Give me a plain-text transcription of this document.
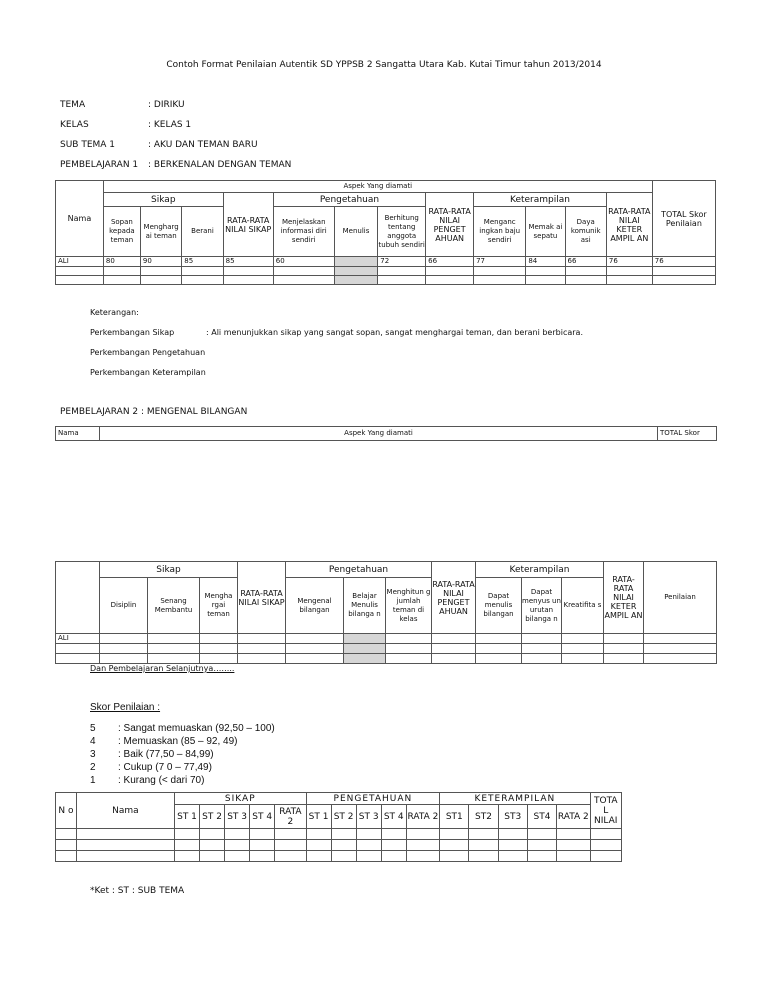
Contoh Format Penilaian Autentik SD YPPSB 2 Sangatta Utara Kab. Kutai Timur tahun 2013/2014
TEMA	: DIRIKU
KELAS	: KELAS 1
SUB TEMA 1	: AKU DAN TEMAN BARU
PEMBELAJARAN 1 : BERKENALAN DENGAN TEMAN
Nama	Aspek Yang diamati												TOTAL Skor Penilaian
	Sikap			RATA-RATA NILAI SIKAP	Pengetahuan			RATA-RATA NILAI PENGET AHUAN	Keterampilan			RATA-RATA NILAI KETER AMPIL AN	
	Sopan kepada teman	Mengharg ai teman	Berani		Menjelaskan informasi diri sendiri	Menulis	Berhitung tentang anggota tubuh sendiri		Menganc ingkan baju sendiri	Memak ai sepatu	Daya komunik asi		
ALI	80	90	85	85	60		72	66	77	84	66	76	76

Keterangan:
Perkembangan Sikap	: Ali menunjukkan sikap yang sangat sopan, sangat menghargai teman, dan berani berbicara.
Perkembangan Pengetahuan
Perkembangan Keterampilan
PEMBELAJARAN 2 : MENGENAL BILANGAN
Nama	Aspek Yang diamati	TOTAL Skor
	Sikap			RATA-RATA NILAI SIKAP	Pengetahuan			RATA-RATA NILAI PENGET AHUAN	Keterampilan			RATA-RATA NILAI KETER AMPIL AN	Penilaian
	Disiplin	Senang Membantu	Mengha rgai teman		Mengenal bilangan	Belajar Menulis bilanga n	Menghitun g jumlah teman di kelas		Dapat menulis bilangan	Dapat menyus un urutan bilanga n	Kreatifita s		
ALI													

Dan Pembelajaran Selanjutnya……..
Skor Penilaian :
5 : Sangat memuaskan (92,50 – 100)
4 : Memuaskan (85 – 92, 49)
3 : Baik (77,50 – 84,99)
2 : Cukup (7 0 – 77,49)
1 : Kurang (< dari 70)
N o	Nama	SIKAP					PENGETAHUAN					KETERAMPILAN					TOTA L NILAI
		ST 1	ST 2	ST 3	ST 4	RATA 2	ST 1	ST 2	ST 3	ST 4	RATA 2	ST1	ST2	ST3	ST4	RATA 2	

*Ket : ST : SUB TEMA
